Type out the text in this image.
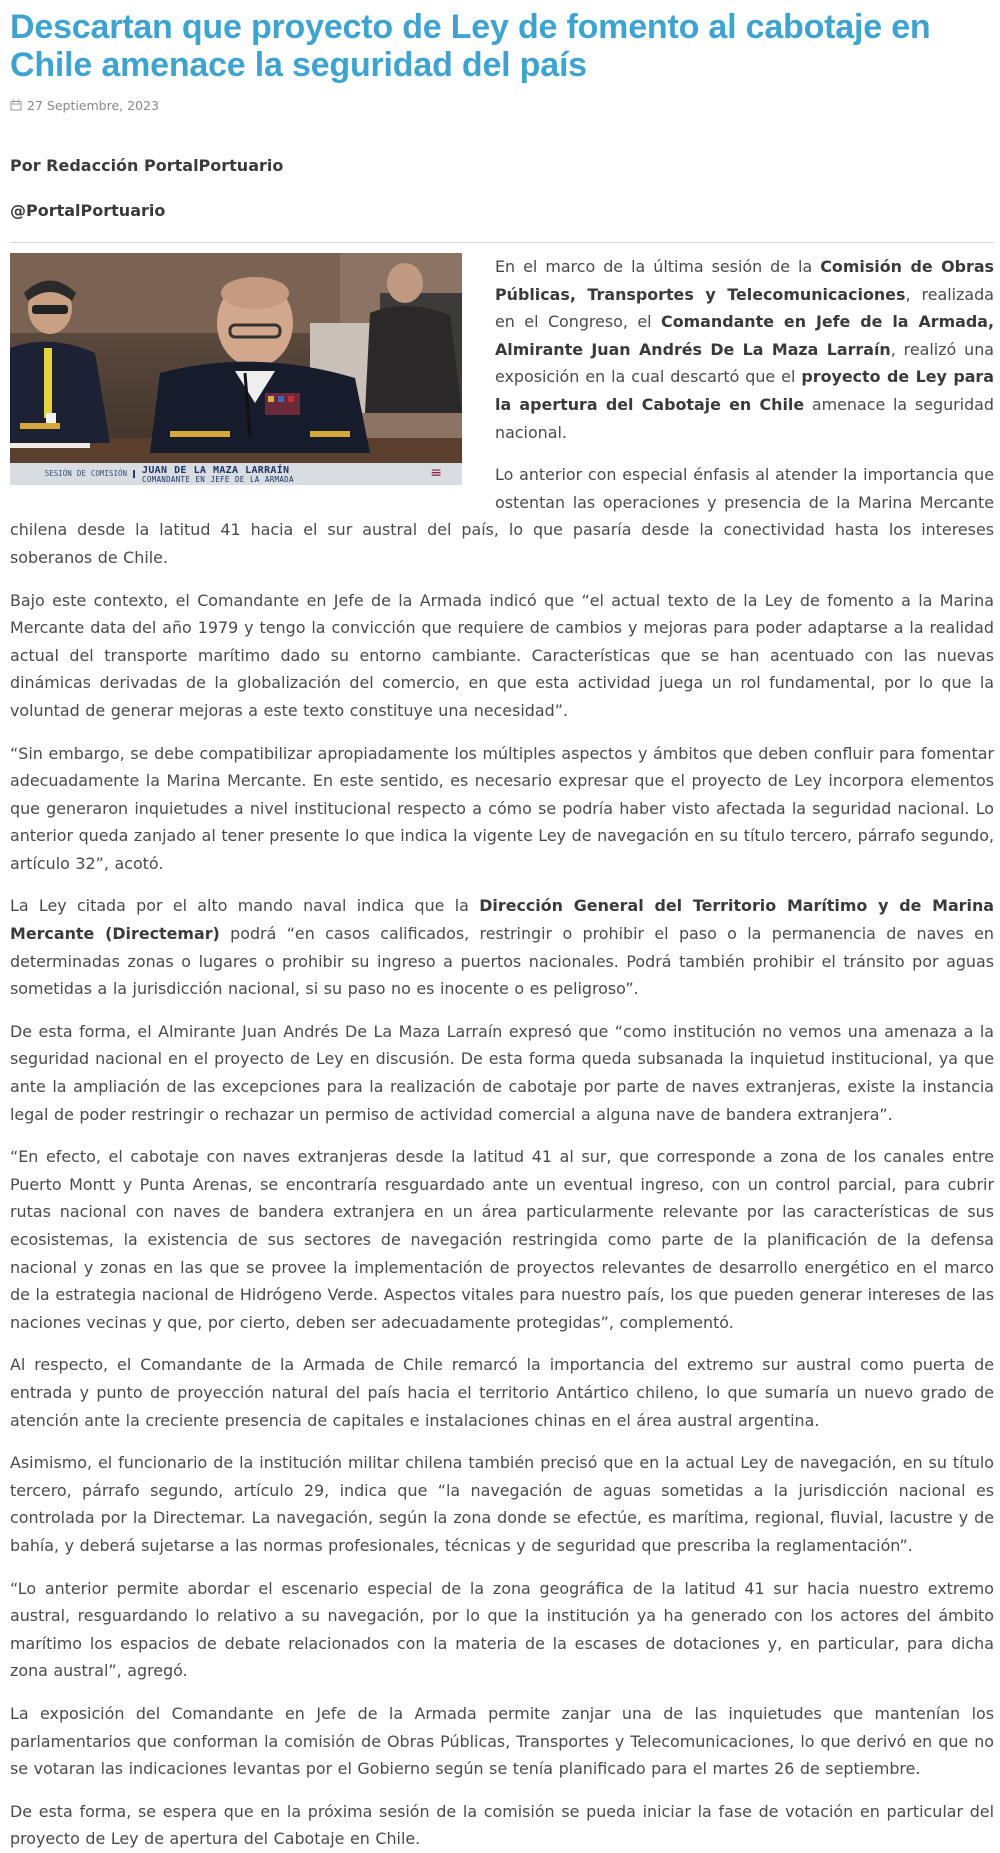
Descartan que proyecto de Ley de fomento al cabotaje en Chile amenace la seguridad del país
27 Septiembre, 2023

Por Redacción PortalPortuario

@PortalPortuario

SESIÓN DE COMISIÓN	JUAN DE LA MAZA LARRAÍN
COMANDANTE EN JEFE DE LA ARMADA	≡

En el marco de la última sesión de la Comisión de Obras Públicas, Transportes y Telecomunicaciones, realizada en el Congreso, el Comandante en Jefe de la Armada, Almirante Juan Andrés De La Maza Larraín, realizó una exposición en la cual descartó que el proyecto de Ley para la apertura del Cabotaje en Chile amenace la seguridad nacional.

Lo anterior con especial énfasis al atender la importancia que ostentan las operaciones y presencia de la Marina Mercante chilena desde la latitud 41 hacia el sur austral del país, lo que pasaría desde la conectividad hasta los intereses soberanos de Chile.

Bajo este contexto, el Comandante en Jefe de la Armada indicó que “el actual texto de la Ley de fomento a la Marina Mercante data del año 1979 y tengo la convicción que requiere de cambios y mejoras para poder adaptarse a la realidad actual del transporte marítimo dado su entorno cambiante. Características que se han acentuado con las nuevas dinámicas derivadas de la globalización del comercio, en que esta actividad juega un rol fundamental, por lo que la voluntad de generar mejoras a este texto constituye una necesidad”.

“Sin embargo, se debe compatibilizar apropiadamente los múltiples aspectos y ámbitos que deben confluir para fomentar adecuadamente la Marina Mercante. En este sentido, es necesario expresar que el proyecto de Ley incorpora elementos que generaron inquietudes a nivel institucional respecto a cómo se podría haber visto afectada la seguridad nacional. Lo anterior queda zanjado al tener presente lo que indica la vigente Ley de navegación en su título tercero, párrafo segundo, artículo 32”, acotó.

La Ley citada por el alto mando naval indica que la Dirección General del Territorio Marítimo y de Marina Mercante (Directemar) podrá “en casos calificados, restringir o prohibir el paso o la permanencia de naves en determinadas zonas o lugares o prohibir su ingreso a puertos nacionales. Podrá también prohibir el tránsito por aguas sometidas a la jurisdicción nacional, si su paso no es inocente o es peligroso”.

De esta forma, el Almirante Juan Andrés De La Maza Larraín expresó que “como institución no vemos una amenaza a la seguridad nacional en el proyecto de Ley en discusión. De esta forma queda subsanada la inquietud institucional, ya que ante la ampliación de las excepciones para la realización de cabotaje por parte de naves extranjeras, existe la instancia legal de poder restringir o rechazar un permiso de actividad comercial a alguna nave de bandera extranjera”.

“En efecto, el cabotaje con naves extranjeras desde la latitud 41 al sur, que corresponde a zona de los canales entre Puerto Montt y Punta Arenas, se encontraría resguardado ante un eventual ingreso, con un control parcial, para cubrir rutas nacional con naves de bandera extranjera en un área particularmente relevante por las características de sus ecosistemas, la existencia de sus sectores de navegación restringida como parte de la planificación de la defensa nacional y zonas en las que se provee la implementación de proyectos relevantes de desarrollo energético en el marco de la estrategia nacional de Hidrógeno Verde. Aspectos vitales para nuestro país, los que pueden generar intereses de las naciones vecinas y que, por cierto, deben ser adecuadamente protegidas”, complementó.

Al respecto, el Comandante de la Armada de Chile remarcó la importancia del extremo sur austral como puerta de entrada y punto de proyección natural del país hacia el territorio Antártico chileno, lo que sumaría un nuevo grado de atención ante la creciente presencia de capitales e instalaciones chinas en el área austral argentina.

Asimismo, el funcionario de la institución militar chilena también precisó que en la actual Ley de navegación, en su título tercero, párrafo segundo, artículo 29, indica que “la navegación de aguas sometidas a la jurisdicción nacional es controlada por la Directemar. La navegación, según la zona donde se efectúe, es marítima, regional, fluvial, lacustre y de bahía, y deberá sujetarse a las normas profesionales, técnicas y de seguridad que prescriba la reglamentación”.

“Lo anterior permite abordar el escenario especial de la zona geográfica de la latitud 41 sur hacia nuestro extremo austral, resguardando lo relativo a su navegación, por lo que la institución ya ha generado con los actores del ámbito marítimo los espacios de debate relacionados con la materia de la escases de dotaciones y, en particular, para dicha zona austral”, agregó.

La exposición del Comandante en Jefe de la Armada permite zanjar una de las inquietudes que mantenían los parlamentarios que conforman la comisión de Obras Públicas, Transportes y Telecomunicaciones, lo que derivó en que no se votaran las indicaciones levantas por el Gobierno según se tenía planificado para el martes 26 de septiembre.

De esta forma, se espera que en la próxima sesión de la comisión se pueda iniciar la fase de votación en particular del proyecto de Ley de apertura del Cabotaje en Chile.
